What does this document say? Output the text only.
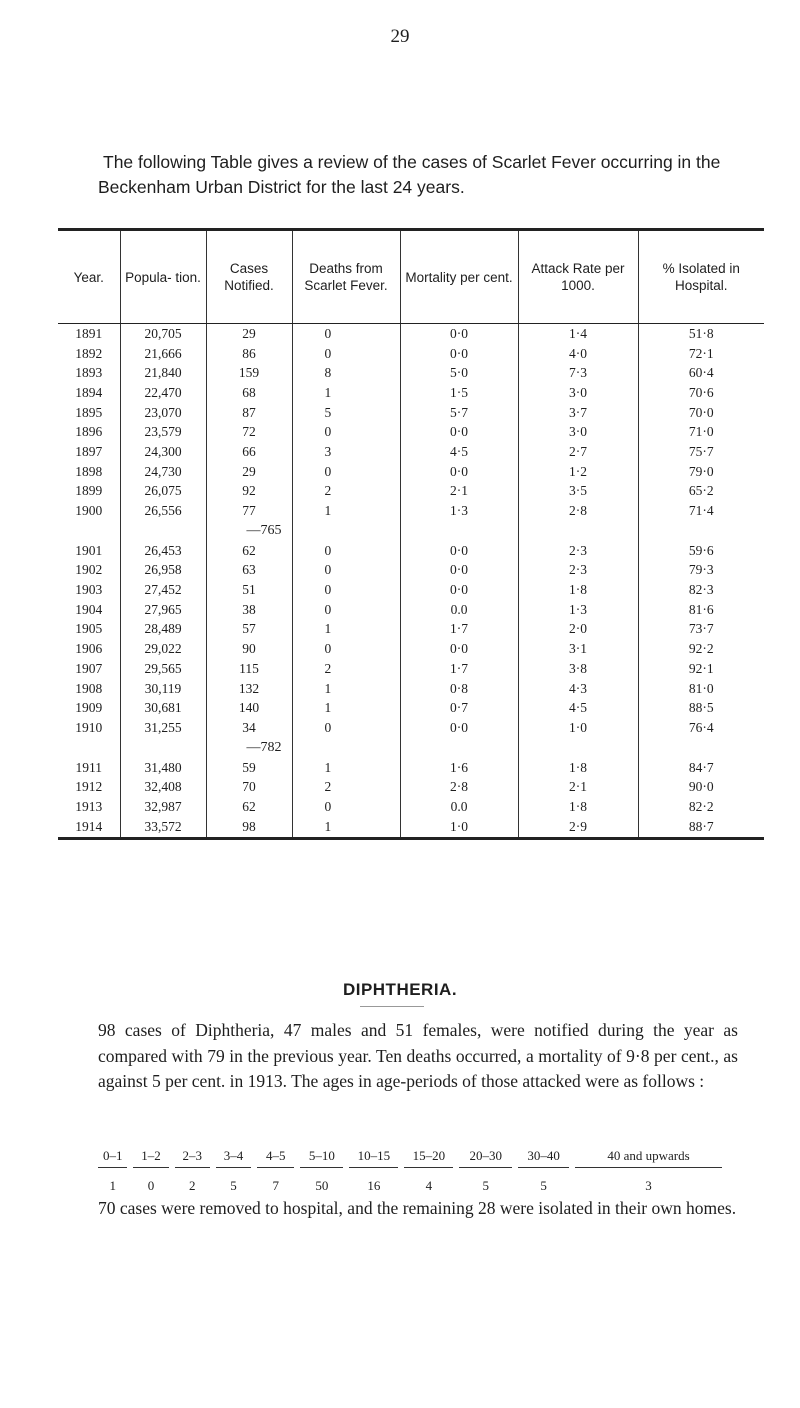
29
The following Table gives a review of the cases of Scarlet Fever occurring in the Beckenham Urban District for the last 24 years.
Year.	Popula- tion.	Cases Notified.	Deaths from Scarlet Fever.	Mortality per cent.	Attack Rate per 1000.	% Isolated in Hospital.
1891	20,705	29	0	0·0	1·4	51·8
1892	21,666	86	0	0·0	4·0	72·1
1893	21,840	159	8	5·0	7·3	60·4
1894	22,470	68	1	1·5	3·0	70·6
1895	23,070	87	5	5·7	3·7	70·0
1896	23,579	72	0	0·0	3·0	71·0
1897	24,300	66	3	4·5	2·7	75·7
1898	24,730	29	0	0·0	1·2	79·0
1899	26,075	92	2	2·1	3·5	65·2
1900	26,556	77	1	1·3	2·8	71·4
		—765				
1901	26,453	62	0	0·0	2·3	59·6
1902	26,958	63	0	0·0	2·3	79·3
1903	27,452	51	0	0·0	1·8	82·3
1904	27,965	38	0	0.0	1·3	81·6
1905	28,489	57	1	1·7	2·0	73·7
1906	29,022	90	0	0·0	3·1	92·2
1907	29,565	115	2	1·7	3·8	92·1
1908	30,119	132	1	0·8	4·3	81·0
1909	30,681	140	1	0·7	4·5	88·5
1910	31,255	34	0	0·0	1·0	76·4
		—782				
1911	31,480	59	1	1·6	1·8	84·7
1912	32,408	70	2	2·8	2·1	90·0
1913	32,987	62	0	0.0	1·8	82·2
1914	33,572	98	1	1·0	2·9	88·7
DIPHTHERIA.
98 cases of Diphtheria, 47 males and 51 females, were notified during the year as compared with 79 in the previous year. Ten deaths occurred, a mortality of 9·8 per cent., as against 5 per cent. in 1913. The ages in age-periods of those attacked were as follows :
0–1	1–2	2–3	3–4	4–5	5–10	10–15	15–20	20–30	30–40	40 and upwards
1	0	2	5	7	50	16	4	5	5	3
70 cases were removed to hospital, and the remaining 28 were isolated in their own homes.
